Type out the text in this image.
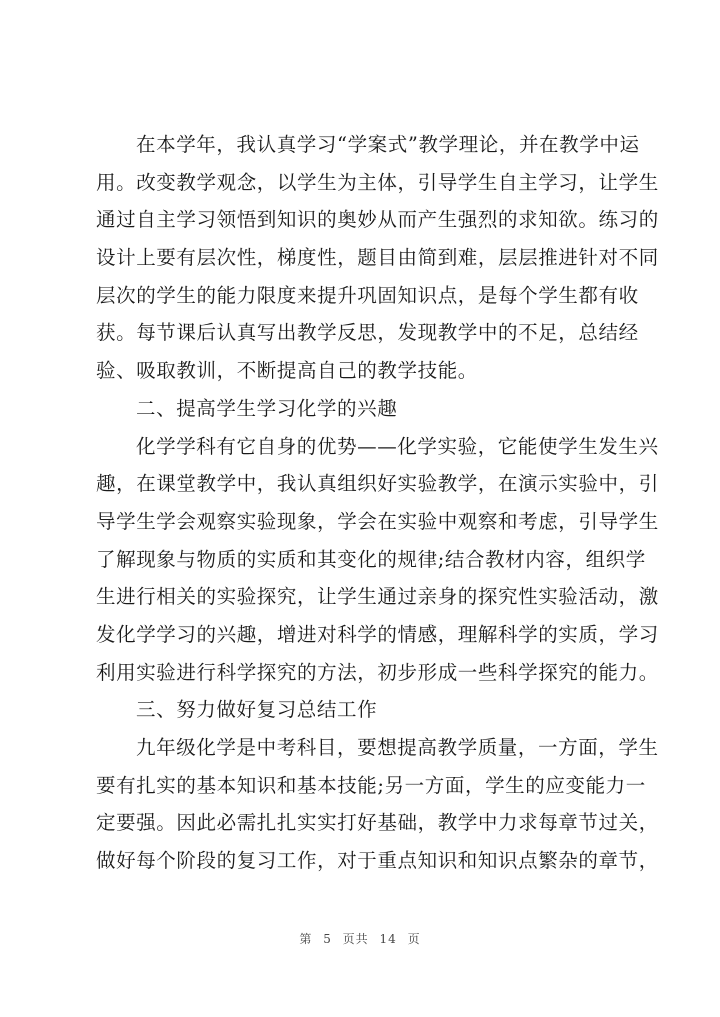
在本学年，我认真学习“学案式”教学理论，并在教学中运
用。改变教学观念，以学生为主体，引导学生自主学习，让学生
通过自主学习领悟到知识的奥妙从而产生强烈的求知欲。练习的
设计上要有层次性，梯度性，题目由简到难，层层推进针对不同
层次的学生的能力限度来提升巩固知识点，是每个学生都有收
获。每节课后认真写出教学反思，发现教学中的不足，总结经
验、吸取教训，不断提高自己的教学技能。
二、提高学生学习化学的兴趣
化学学科有它自身的优势——化学实验，它能使学生发生兴
趣，在课堂教学中，我认真组织好实验教学，在演示实验中，引
导学生学会观察实验现象，学会在实验中观察和考虑，引导学生
了解现象与物质的实质和其变化的规律;结合教材内容，组织学
生进行相关的实验探究，让学生通过亲身的探究性实验活动，激
发化学学习的兴趣，增进对科学的情感，理解科学的实质，学习
利用实验进行科学探究的方法，初步形成一些科学探究的能力。
三、努力做好复习总结工作
九年级化学是中考科目，要想提高教学质量，一方面，学生
要有扎实的基本知识和基本技能;另一方面，学生的应变能力一
定要强。因此必需扎扎实实打好基础，教学中力求每章节过关，
做好每个阶段的复习工作，对于重点知识和知识点繁杂的章节，
第 5 页共 14 页
